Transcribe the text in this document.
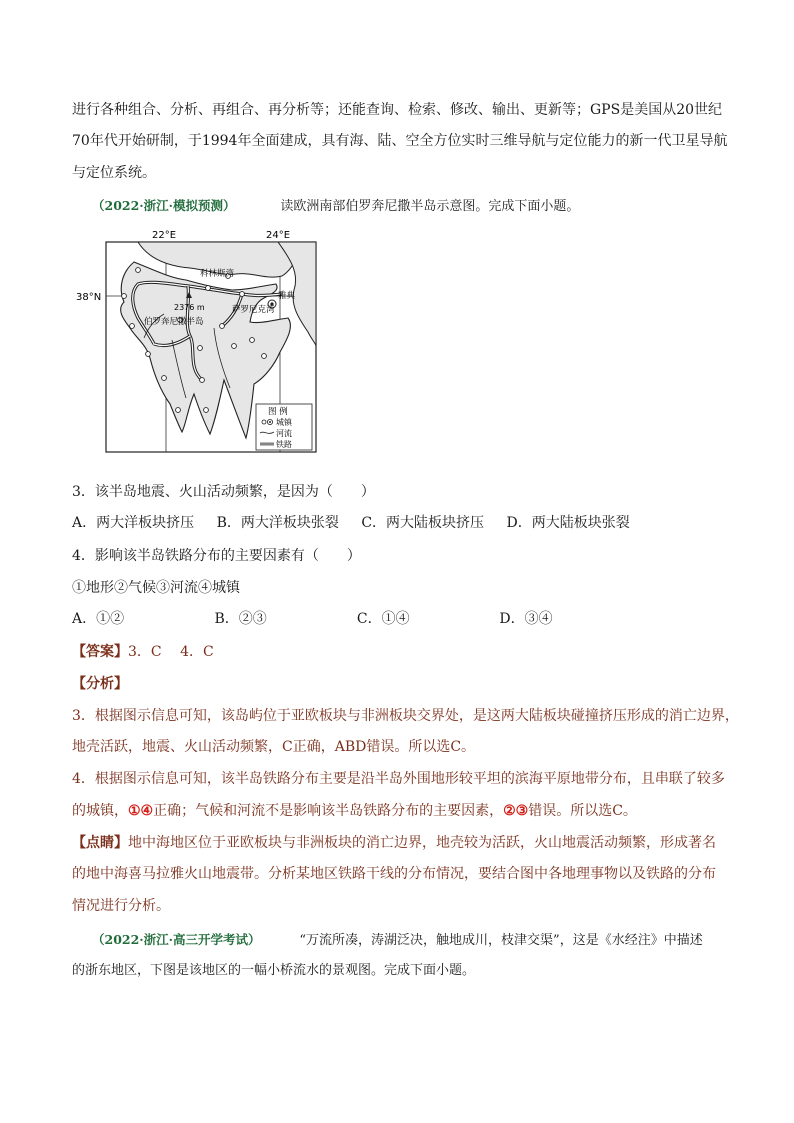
进行各种组合、分析、再组合、再分析等；还能查询、检索、修改、输出、更新等；GPS是美国从20世纪
70年代开始研制，于1994年全面建成，具有海、陆、空全方位实时三维导航与定位能力的新一代卫星导航
与定位系统。
（2022·浙江·模拟预测）	读欧洲南部伯罗奔尼撒半岛示意图。完成下面小题。
22°E	24°E
38°N
科林斯湾
雅典
2376 m	萨罗尼克湾
伯罗奔尼撒半岛
图 例
城镇
河流
铁路
3．该半岛地震、火山活动频繁，是因为（　　）
A．两大洋板块挤压 B．两大洋板块张裂 C．两大陆板块挤压 D．两大陆板块张裂
4．影响该半岛铁路分布的主要因素有（　　）
①地形②气候③河流④城镇
A．①②	B．②③	C．①④	D．③④
【答案】3．C　 4．C
【分析】
3．根据图示信息可知，该岛屿位于亚欧板块与非洲板块交界处，是这两大陆板块碰撞挤压形成的消亡边界，
地壳活跃，地震、火山活动频繁，C正确，ABD错误。所以选C。
4．根据图示信息可知，该半岛铁路分布主要是沿半岛外围地形较平坦的滨海平原地带分布，且串联了较多
的城镇，①④正确；气候和河流不是影响该半岛铁路分布的主要因素，②③错误。所以选C。
【点睛】地中海地区位于亚欧板块与非洲板块的消亡边界，地壳较为活跃，火山地震活动频繁，形成著名
的地中海喜马拉雅火山地震带。分析某地区铁路干线的分布情况，要结合图中各地理事物以及铁路的分布
情况进行分析。
（2022·浙江·高三开学考试）	“万流所凑，涛湖泛决，触地成川，枝津交渠”，这是《水经注》中描述
的浙东地区，下图是该地区的一幅小桥流水的景观图。完成下面小题。
